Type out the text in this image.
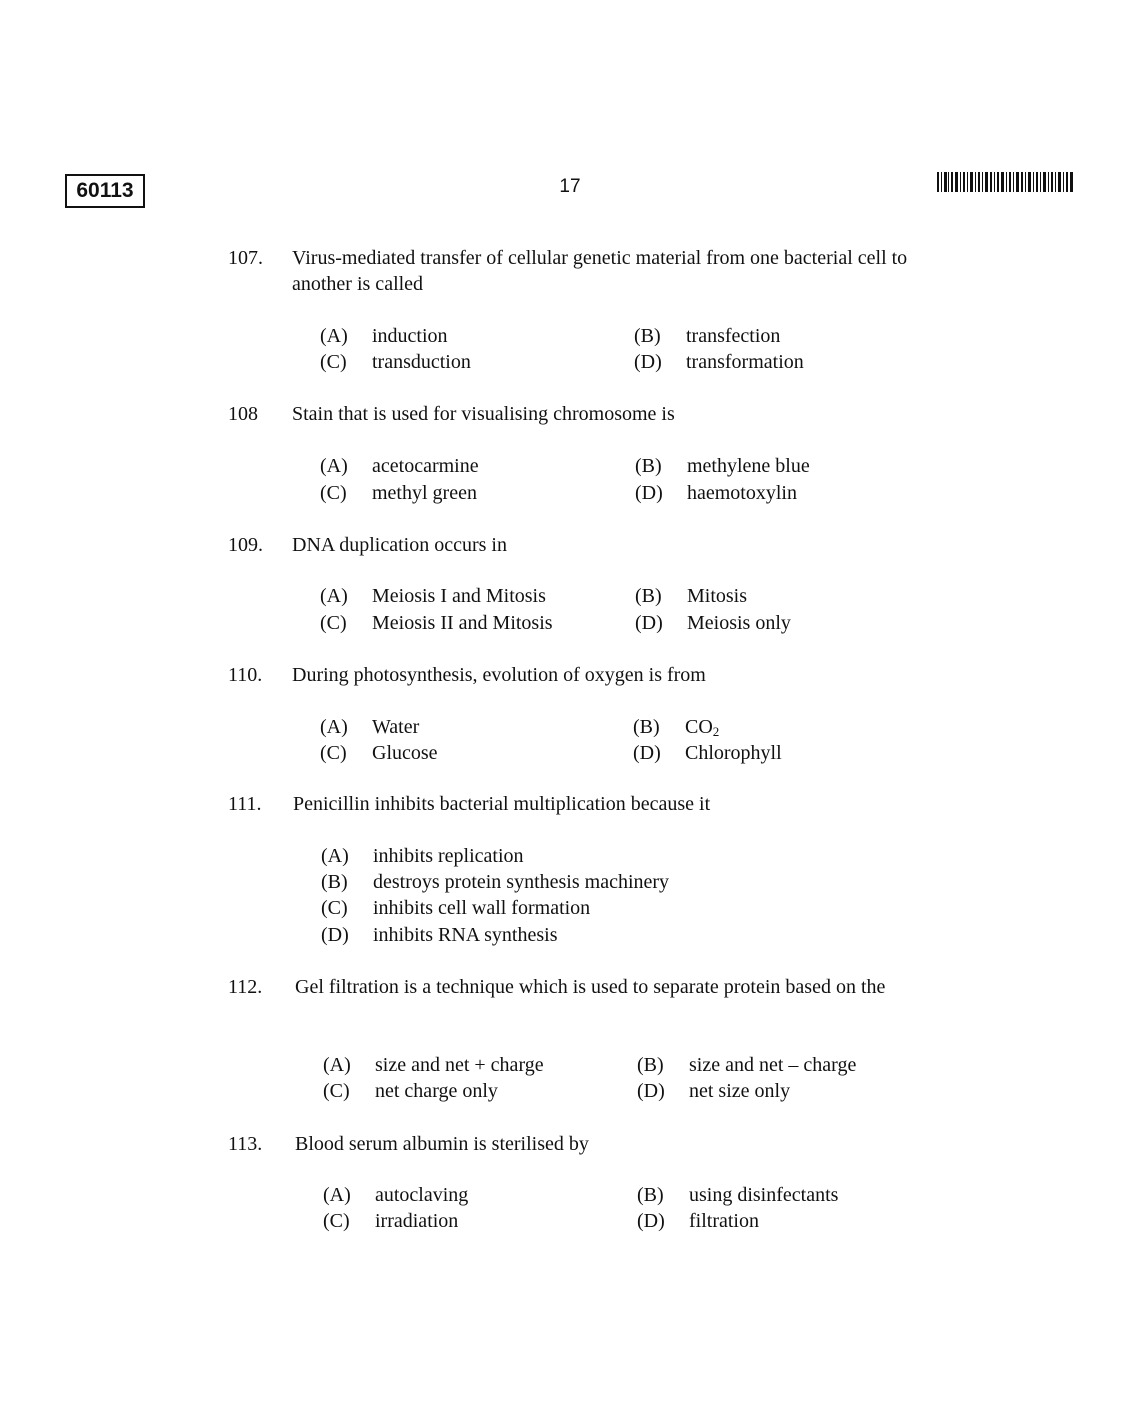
60113	17
107. Virus-mediated transfer of cellular genetic material from one bacterial cell to another is called
(A) induction	(B) transfection
(C) transduction	(D) transformation
108 Stain that is used for visualising chromosome is
(A) acetocarmine	(B) methylene blue
(C) methyl green	(D) haemotoxylin
109. DNA duplication occurs in
(A) Meiosis I and Mitosis	(B) Mitosis
(C) Meiosis II and Mitosis	(D) Meiosis only
110. During photosynthesis, evolution of oxygen is from
(A) Water	(B) $CO_2$
(C) Glucose	(D) Chlorophyll
111. Penicillin inhibits bacterial multiplication because it
(A) inhibits replication
(B) destroys protein synthesis machinery
(C) inhibits cell wall formation
(D) inhibits RNA synthesis
112. Gel filtration is a technique which is used to separate protein based on the
(A) size and net + charge	(B) size and net – charge
(C) net charge only	(D) net size only
113. Blood serum albumin is sterilised by
(A) autoclaving	(B) using disinfectants
(C) irradiation	(D) filtration
